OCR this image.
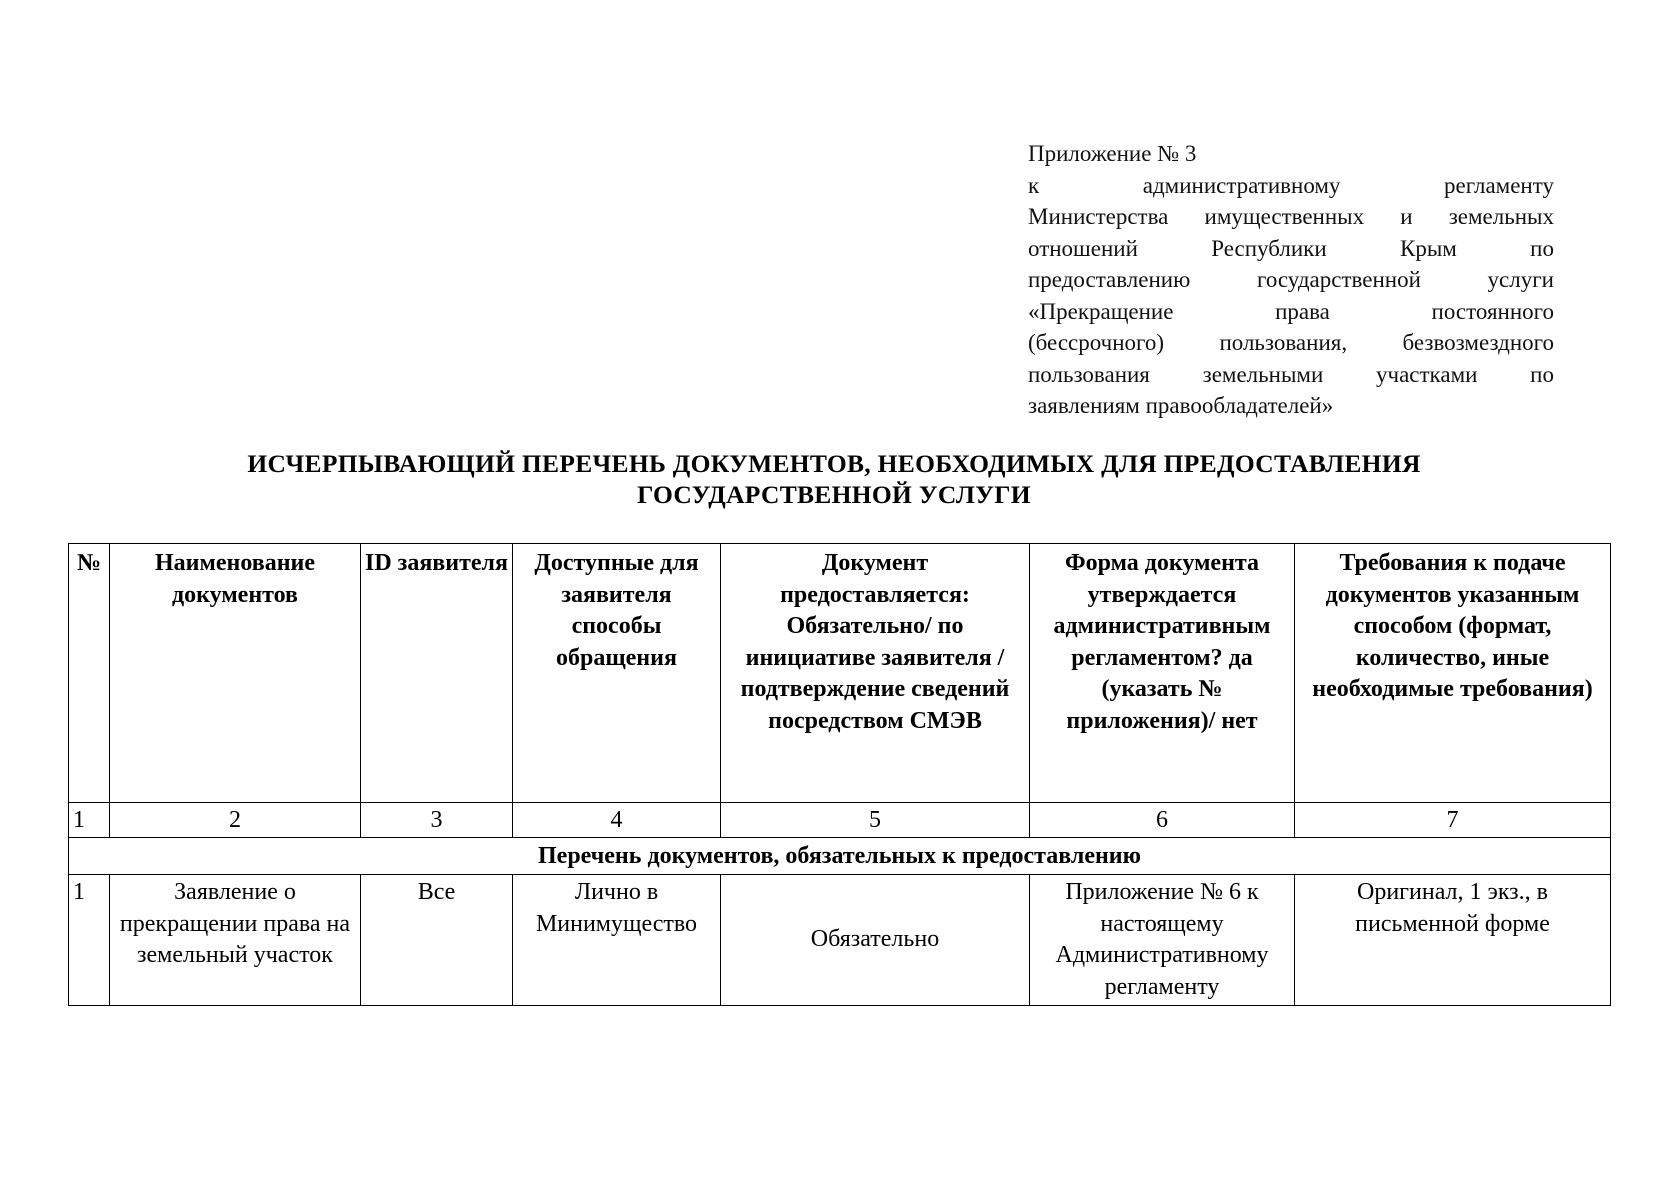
Приложение № 3
к административному регламенту
Министерства имущественных и земельных
отношений Республики Крым по
предоставлению государственной услуги
«Прекращение права постоянного
(бессрочного) пользования, безвозмездного
пользования земельными участками по
заявлениям правообладателей»
ИСЧЕРПЫВАЮЩИЙ ПЕРЕЧЕНЬ ДОКУМЕНТОВ, НЕОБХОДИМЫХ ДЛЯ ПРЕДОСТАВЛЕНИЯ
ГОСУДАРСТВЕННОЙ УСЛУГИ
№	Наименование документов	ID заявителя	Доступные для заявителя способы обращения	Документ предоставляется: Обязательно/ по инициативе заявителя /подтверждение сведений посредством СМЭВ	Форма документа утверждается административным регламентом? да (указать № приложения)/ нет	Требования к подаче документов указанным способом (формат, количество, иные необходимые требования)
1	2	3	4	5	6	7
Перечень документов, обязательных к предоставлению						
1	Заявление о прекращении права на земельный участок	Все	Лично в Минимущество	Обязательно	Приложение № 6 к настоящему Административному регламенту	Оригинал, 1 экз., в письменной форме
